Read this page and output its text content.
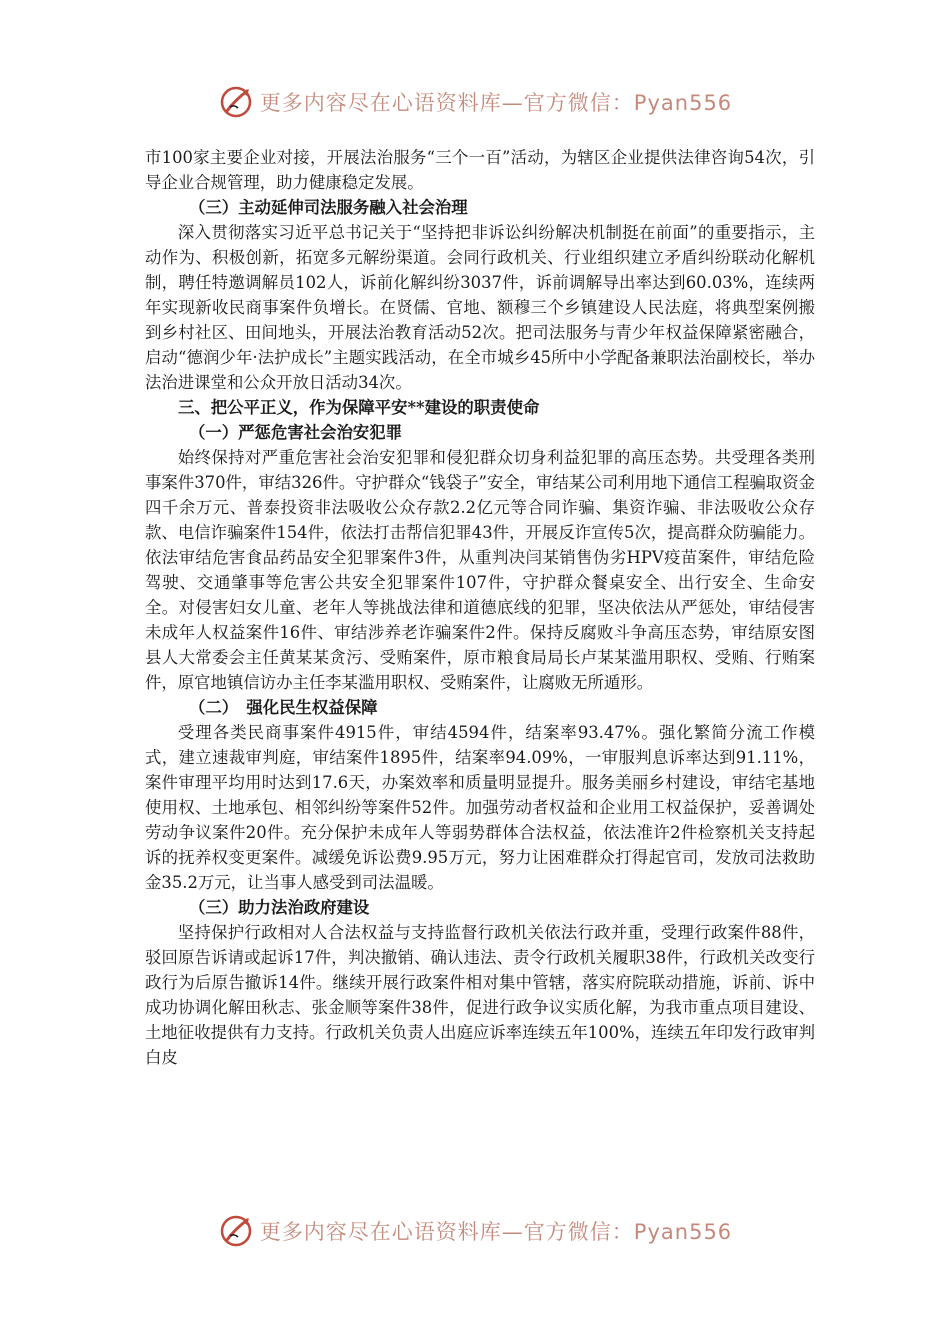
更多内容尽在心语资料库—官方微信：Pyan556

市100家主要企业对接，开展法治服务“三个一百”活动，为辖区企业提供法律咨询54次，引导企业合规管理，助力健康稳定发展。

（三）主动延伸司法服务融入社会治理

深入贯彻落实习近平总书记关于“坚持把非诉讼纠纷解决机制挺在前面”的重要指示，主动作为、积极创新，拓宽多元解纷渠道。会同行政机关、行业组织建立矛盾纠纷联动化解机制，聘任特邀调解员102人，诉前化解纠纷3037件，诉前调解导出率达到60.03%，连续两年实现新收民商事案件负增长。在贤儒、官地、额穆三个乡镇建设人民法庭，将典型案例搬到乡村社区、田间地头，开展法治教育活动52次。把司法服务与青少年权益保障紧密融合，启动“德润少年·法护成长”主题实践活动，在全市城乡45所中小学配备兼职法治副校长，举办法治进课堂和公众开放日活动34次。

三、把公平正义，作为保障平安**建设的职责使命

（一）严惩危害社会治安犯罪

始终保持对严重危害社会治安犯罪和侵犯群众切身利益犯罪的高压态势。共受理各类刑事案件370件，审结326件。守护群众“钱袋子”安全，审结某公司利用地下通信工程骗取资金四千余万元、普泰投资非法吸收公众存款2.2亿元等合同诈骗、集资诈骗、非法吸收公众存款、电信诈骗案件154件，依法打击帮信犯罪43件，开展反诈宣传5次，提高群众防骗能力。依法审结危害食品药品安全犯罪案件3件，从重判决闫某销售伪劣HPV疫苗案件，审结危险驾驶、交通肇事等危害公共安全犯罪案件107件，守护群众餐桌安全、出行安全、生命安全。对侵害妇女儿童、老年人等挑战法律和道德底线的犯罪，坚决依法从严惩处，审结侵害未成年人权益案件16件、审结涉养老诈骗案件2件。保持反腐败斗争高压态势，审结原安图县人大常委会主任黄某某贪污、受贿案件，原市粮食局局长卢某某滥用职权、受贿、行贿案件，原官地镇信访办主任李某滥用职权、受贿案件，让腐败无所遁形。

（二）　强化民生权益保障

受理各类民商事案件4915件，审结4594件，结案率93.47%。强化繁简分流工作模式，建立速裁审判庭，审结案件1895件，结案率94.09%，一审服判息诉率达到91.11%，案件审理平均用时达到17.6天，办案效率和质量明显提升。服务美丽乡村建设，审结宅基地使用权、土地承包、相邻纠纷等案件52件。加强劳动者权益和企业用工权益保护，妥善调处劳动争议案件20件。充分保护未成年人等弱势群体合法权益，依法准许2件检察机关支持起诉的抚养权变更案件。减缓免诉讼费9.95万元，努力让困难群众打得起官司，发放司法救助金35.2万元，让当事人感受到司法温暖。

（三）助力法治政府建设

坚持保护行政相对人合法权益与支持监督行政机关依法行政并重，受理行政案件88件，驳回原告诉请或起诉17件，判决撤销、确认违法、责令行政机关履职38件，行政机关改变行政行为后原告撤诉14件。继续开展行政案件相对集中管辖，落实府院联动措施，诉前、诉中成功协调化解田秋志、张金顺等案件38件，促进行政争议实质化解，为我市重点项目建设、土地征收提供有力支持。行政机关负责人出庭应诉率连续五年100%，连续五年印发行政审判白皮

更多内容尽在心语资料库—官方微信：Pyan556
